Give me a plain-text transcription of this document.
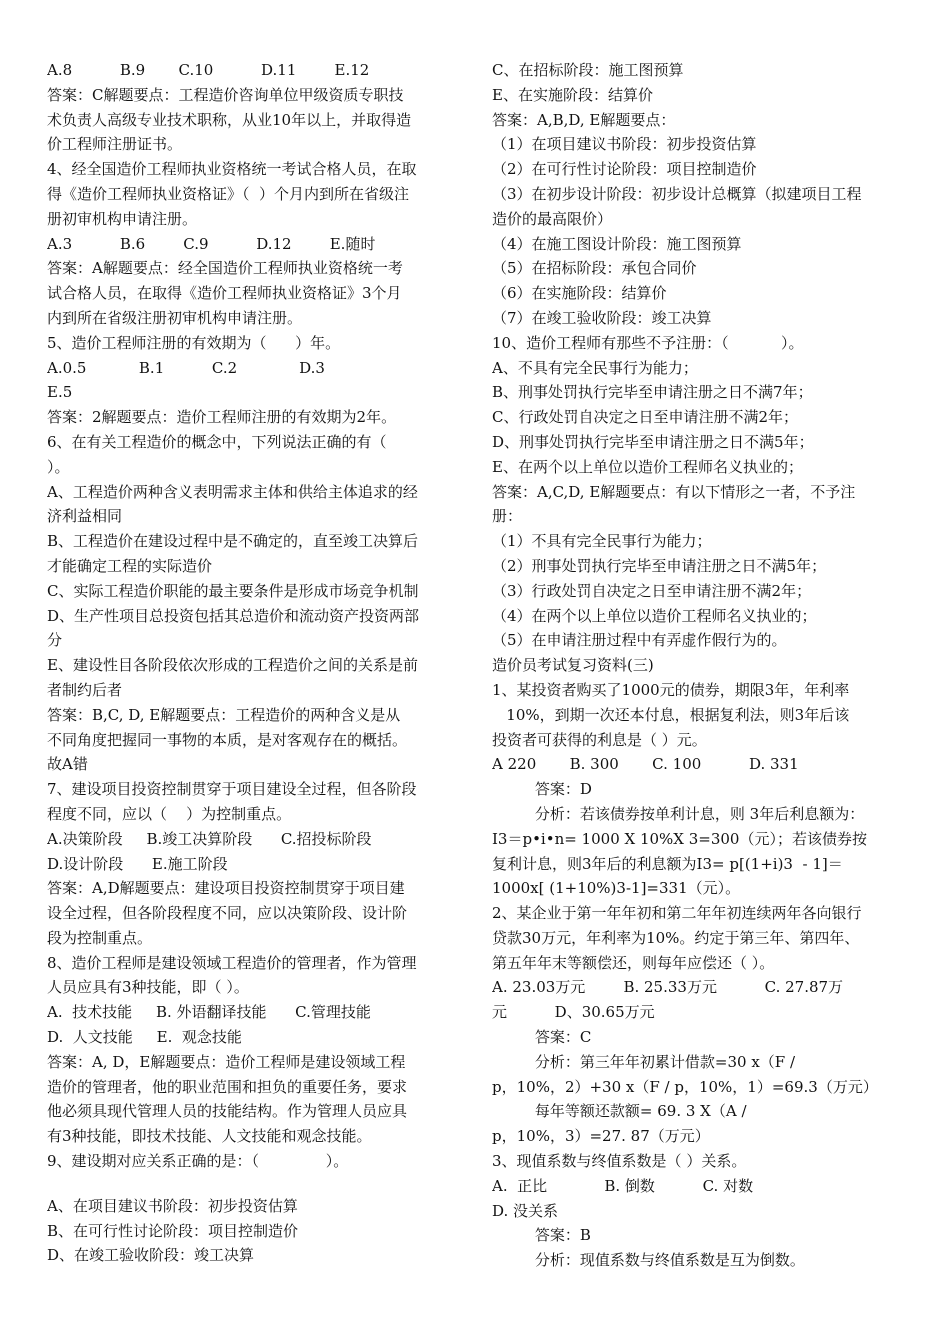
A.8          B.9       C.10          D.11        E.12
答案：C解题要点：工程造价咨询单位甲级资质专职技
术负责人高级专业技术职称，从业10年以上，并取得造
价工程师注册证书。
4、经全国造价工程师执业资格统一考试合格人员，在取
得《造价工程师执业资格证》（  ）个月内到所在省级注
册初审机构申请注册。
A.3          B.6        C.9          D.12        E.随时
答案：A解题要点：经全国造价工程师执业资格统一考
试合格人员，在取得《造价工程师执业资格证》3个月
内到所在省级注册初审机构申请注册。
5、造价工程师注册的有效期为（      ）年。
A.0.5           B.1          C.2             D.3
E.5
答案：2解题要点：造价工程师注册的有效期为2年。
6、在有关工程造价的概念中，下列说法正确的有（
）。
A、工程造价两种含义表明需求主体和供给主体追求的经
济利益相同
B、工程造价在建设过程中是不确定的，直至竣工决算后
才能确定工程的实际造价
C、实际工程造价职能的最主要条件是形成市场竞争机制
D、生产性项目总投资包括其总造价和流动资产投资两部
分
E、建设性目各阶段依次形成的工程造价之间的关系是前
者制约后者
答案：B,C, D, E解题要点：工程造价的两种含义是从
不同角度把握同一事物的本质，是对客观存在的概括。
故A错
7、建设项目投资控制贯穿于项目建设全过程，但各阶段
程度不同，应以（    ）为控制重点。
A.决策阶段     B.竣工决算阶段      C.招投标阶段
D.设计阶段      E.施工阶段
答案：A,D解题要点：建设项目投资控制贯穿于项目建
设全过程，但各阶段程度不同，应以决策阶段、设计阶
段为控制重点。
8、造价工程师是建设领域工程造价的管理者，作为管理
人员应具有3种技能，即（ ）。
A.  技术技能     B. 外语翻译技能      C.管理技能
D.  人文技能     E.  观念技能
答案：A, D，E解题要点：造价工程师是建设领域工程
造价的管理者，他的职业范围和担负的重要任务，要求
他必须具现代管理人员的技能结构。作为管理人员应具
有3种技能，即技术技能、人文技能和观念技能。
9、建设期对应关系正确的是：（              ）。
A、在项目建议书阶段：初步投资估算
B、在可行性讨论阶段：项目控制造价
D、在竣工验收阶段：竣工决算
C、在招标阶段：施工图预算
E、在实施阶段：结算价
答案：A,B,D, E解题要点：
（1）在项目建议书阶段：初步投资估算
（2）在可行性讨论阶段：项目控制造价
（3）在初步设计阶段：初步设计总概算（拟建项目工程
造价的最高限价）
（4）在施工图设计阶段：施工图预算
（5）在招标阶段：承包合同价
（6）在实施阶段：结算价
（7）在竣工验收阶段：竣工决算
10、造价工程师有那些不予注册：（           ）。
A、不具有完全民事行为能力；
B、刑事处罚执行完毕至申请注册之日不满7年；
C、行政处罚自决定之日至申请注册不满2年；
D、刑事处罚执行完毕至申请注册之日不满5年；
E、在两个以上单位以造价工程师名义执业的；
答案：A,C,D, E解题要点：有以下情形之一者，不予注
册：
（1）不具有完全民事行为能力；
（2）刑事处罚执行完毕至申请注册之日不满5年；
（3）行政处罚自决定之日至申请注册不满2年；
（4）在两个以上单位以造价工程师名义执业的；
（5）在申请注册过程中有弄虚作假行为的。
造价员考试复习资料(三)
1、某投资者购买了1000元的债券，期限3年，年利率
10%，到期一次还本付息，根据复利法，则3年后该
投资者可获得的利息是（ ）元。
A 220       B. 300       C. 100          D. 331
答案：D
分析：若该债券按单利计息，则 3年后利息额为：
I3＝p•i•n= 1000 X 10%X 3=300（元）；若该债券按
复利计息，则3年后的利息额为I3= p[(1+i)3  - 1]＝
1000x[ (1+10%)3-1]=331（元）。
2、某企业于第一年年初和第二年年初连续两年各向银行
贷款30万元，年利率为10%。约定于第三年、第四年、
第五年年末等额偿还，则每年应偿还（ ）。
A. 23.03万元        B. 25.33万元          C. 27.87万
元          D、30.65万元
答案：C
分析：第三年年初累计借款=30 x（F /
p，10%，2）+30 x（F / p，10%，1）=69.3（万元）
每年等额还款额= 69. 3 X（A /
p，10%，3）=27. 87（万元）
3、现值系数与终值系数是（ ）关系。
A.  正比            B. 倒数          C. 对数
D. 没关系
答案：B
分析：现值系数与终值系数是互为倒数。
